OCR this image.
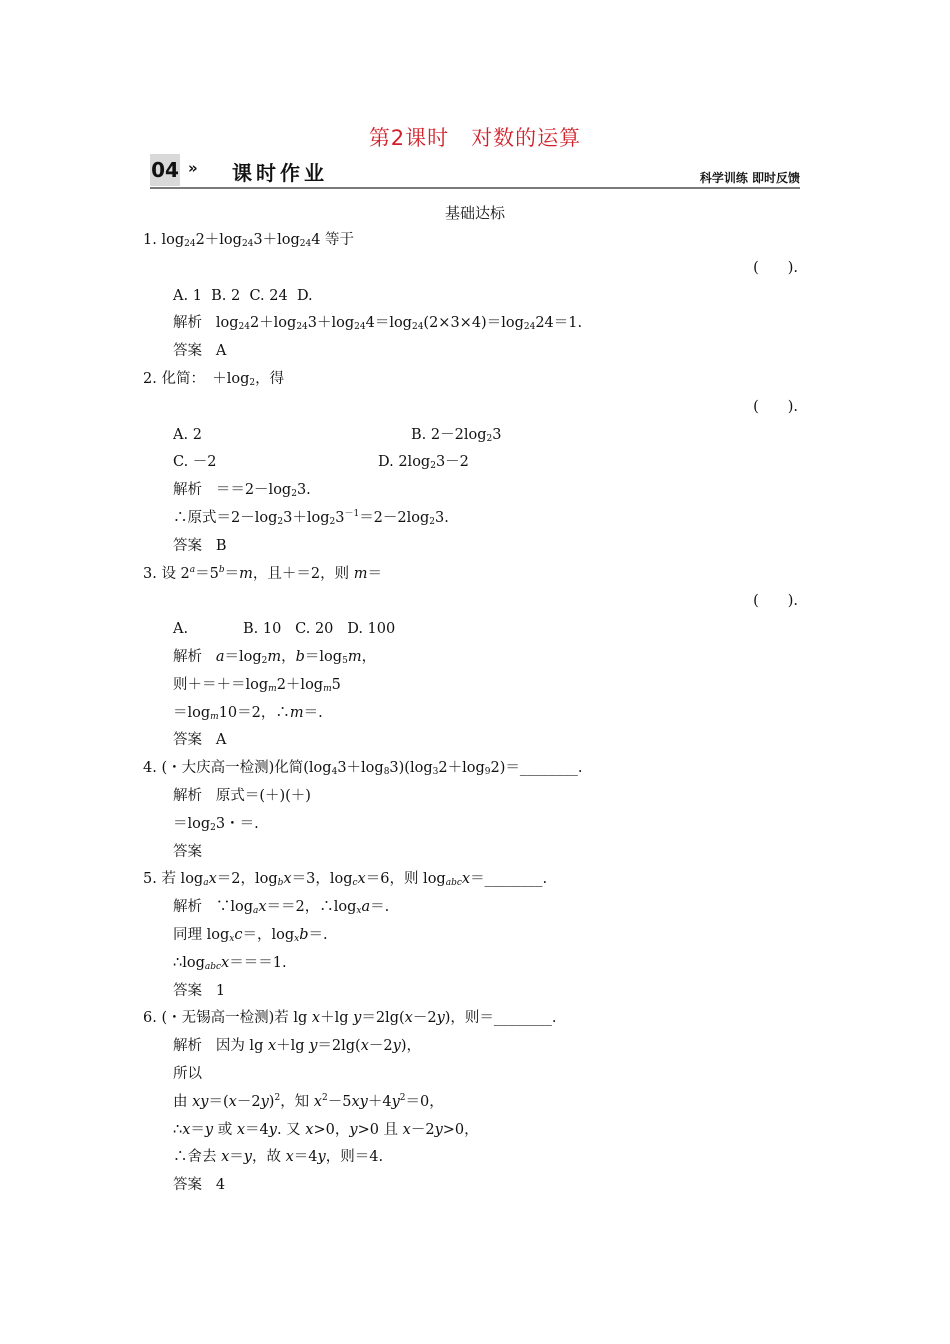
第2课时 对数的运算
04 » 课时作业	科学训练 即时反馈
基础达标
1. $\log_{24}2+\log_{24}3+\log_{24}4$ 等于
(　　).
A. 1 B. 2 C. 24 D.
解析 $\log_{24}2+\log_{24}3+\log_{24}4=\log_{24}(2\times 3\times 4)=\log_{24}24=1$.
答案 A
2. 化简：　$+\log_2$，得
(　　).
A. 2	B. $2-2\log_23$
C. －2	D. $2\log_23-2$
解析 $==2-\log_23$.
∴原式$=2-\log_23+\log_23^{-1}=2-2\log_23$.
答案 B
3. 设 $2^a=5^b=m$，且＋＝2，则 m＝
(　　).
A.	B. 10 C. 20 D. 100
解析 $a=\log_2m$，$b=\log_5m$，
则$+=+=\log_m2+\log_m5$
$=\log_m10=2$，∴m＝.
答案 A
4. (・大庆高一检测)化简$(\log_43+\log_83)(\log_32+\log_92)=\_\_\_\_\_\_\_\_$.
解析 原式＝(＋)(＋)
$=\log_23$・＝.
答案
5. 若 $\log_ax=2$，$\log_bx=3$，$\log_cx=6$，则 $\log_{abc}x=\_\_\_\_\_\_\_\_$.
解析 $\because\log_ax==2$，$\therefore\log_xa=$.
同理 $\log_xc=$，$\log_xb=$.
$\therefore\log_{abc}x===1$.
答案 1
6. (・无锡高一检测)若 lg x＋lg y＝2lg(x－2y)，则＝________.
解析 因为 lg x＋lg y＝2lg(x－2y)，
所以
由 $xy=(x-2y)^2$，知 $x^2-5xy+4y^2=0$，
∴x＝y 或 x＝4y. 又 x>0，y>0 且 x－2y>0，
∴舍去 x＝y，故 x＝4y，则＝4.
答案 4
